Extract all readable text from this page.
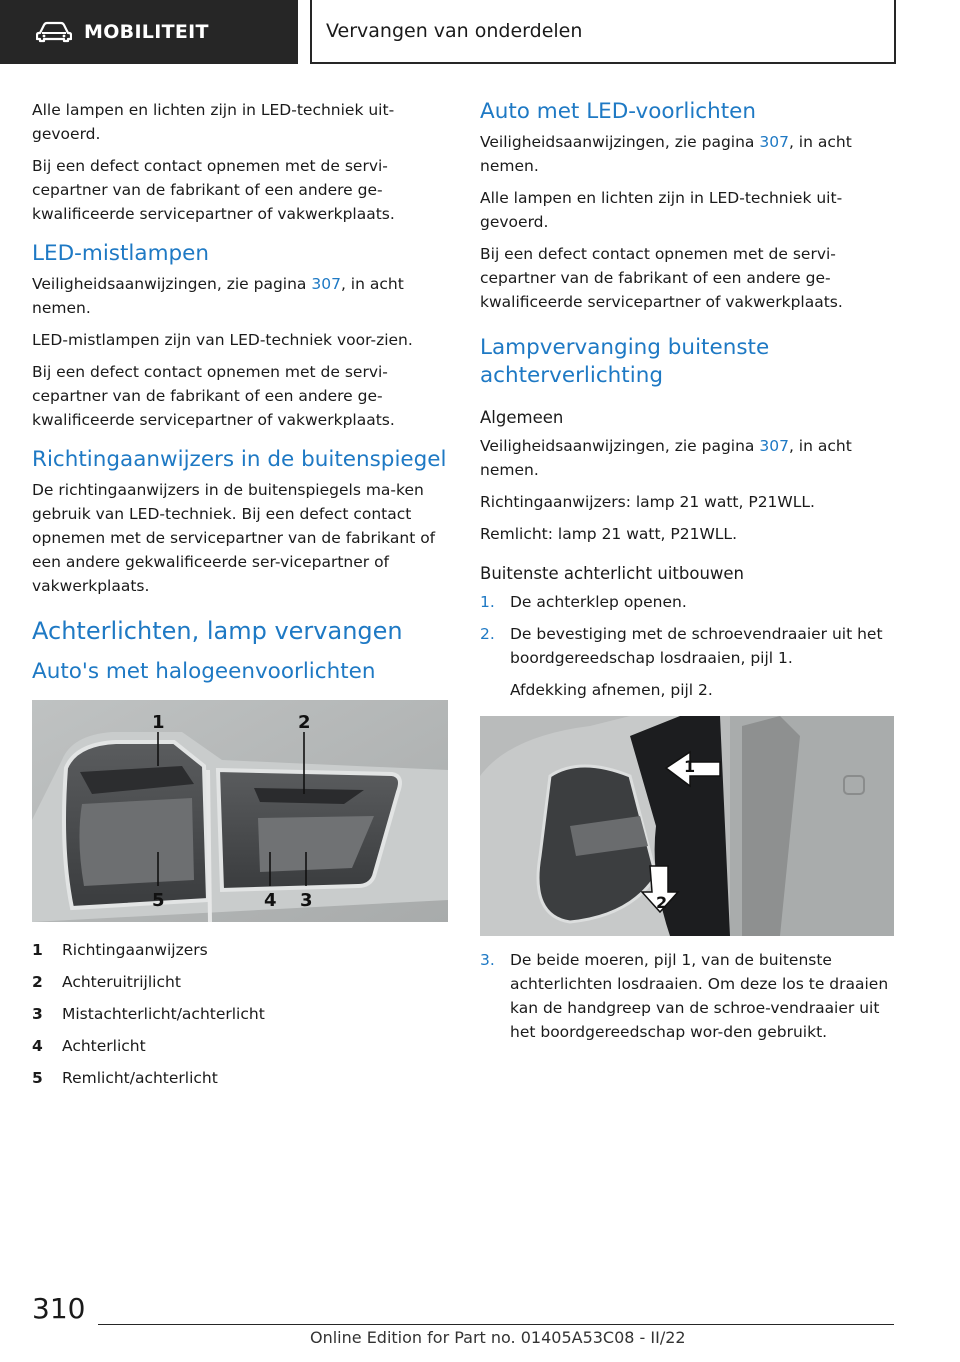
MOBILITEIT	Vervangen van onderdelen

Alle lampen en lichten zijn in LED-techniek uit-gevoerd.

Bij een defect contact opnemen met de servi-cepartner van de fabrikant of een andere ge-kwalificeerde servicepartner of vakwerkplaats.

LED-mistlampen

Veiligheidsaanwijzingen, zie pagina 307, in acht nemen.

LED-mistlampen zijn van LED-techniek voor-zien.

Bij een defect contact opnemen met de servi-cepartner van de fabrikant of een andere ge-kwalificeerde servicepartner of vakwerkplaats.

Richtingaanwijzers in de buitenspiegel

De richtingaanwijzers in de buitenspiegels ma-ken gebruik van LED-techniek. Bij een defect contact opnemen met de servicepartner van de fabrikant of een andere gekwalificeerde ser-vicepartner of vakwerkplaats.

Achterlichten, lamp vervangen
Auto's met halogeenvoorlichten
1	2
3
4
5
1	Richtingaanwijzers
2	Achteruitrijlicht
3	Mistachterlicht/achterlicht
4	Achterlicht
5	Remlicht/achterlicht
Auto met LED-voorlichten

Veiligheidsaanwijzingen, zie pagina 307, in acht nemen.

Alle lampen en lichten zijn in LED-techniek uit-gevoerd.

Bij een defect contact opnemen met de servi-cepartner van de fabrikant of een andere ge-kwalificeerde servicepartner of vakwerkplaats.

Lampvervanging buitenste achterverlichting
Algemeen

Veiligheidsaanwijzingen, zie pagina 307, in acht nemen.

Richtingaanwijzers: lamp 21 watt, P21WLL.

Remlicht: lamp 21 watt, P21WLL.

Buitenste achterlicht uitbouwen
1. De achterklep openen.
2. De bevestiging met de schroevendraaier uit het boordgereedschap losdraaien, pijl 1.

Afdekking afnemen, pijl 2.

1
2
3. De beide moeren, pijl 1, van de buitenste achterlichten losdraaien. Om deze los te draaien kan de handgreep van de schroe-vendraaier uit het boordgereedschap wor-den gebruikt.
310
Online Edition for Part no. 01405A53C08 - II/22
